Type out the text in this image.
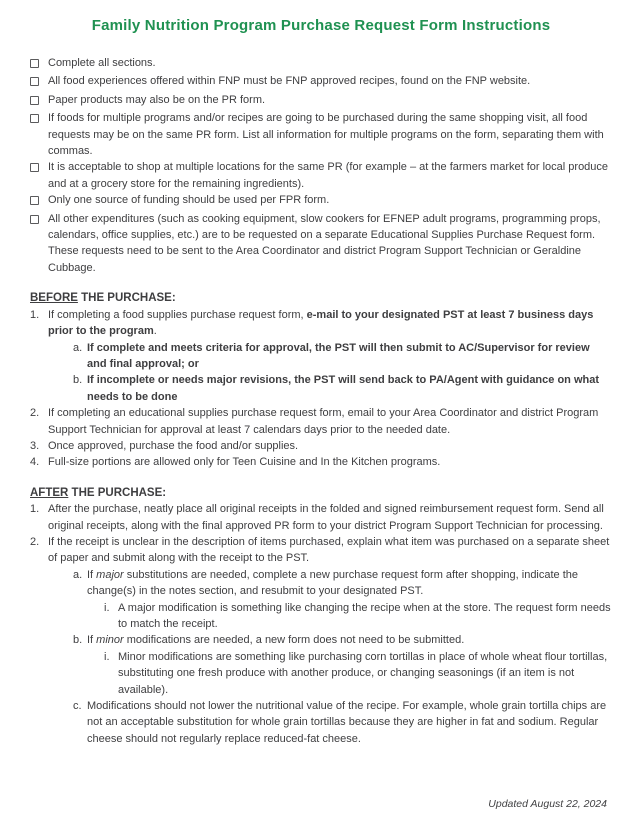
Family Nutrition Program Purchase Request Form Instructions
Complete all sections.
All food experiences offered within FNP must be FNP approved recipes, found on the FNP website.
Paper products may also be on the PR form.
If foods for multiple programs and/or recipes are going to be purchased during the same shopping visit, all food requests may be on the same PR form. List all information for multiple programs on the form, separating them with commas.
It is acceptable to shop at multiple locations for the same PR (for example – at the farmers market for local produce and at a grocery store for the remaining ingredients).
Only one source of funding should be used per FPR form.
All other expenditures (such as cooking equipment, slow cookers for EFNEP adult programs, programming props, calendars, office supplies, etc.) are to be requested on a separate Educational Supplies Purchase Request form. These requests need to be sent to the Area Coordinator and district Program Support Technician or Geraldine Cubbage.
BEFORE THE PURCHASE:
1. If completing a food supplies purchase request form, e-mail to your designated PST at least 7 business days prior to the program.
a. If complete and meets criteria for approval, the PST will then submit to AC/Supervisor for review and final approval; or
b. If incomplete or needs major revisions, the PST will send back to PA/Agent with guidance on what needs to be done
2. If completing an educational supplies purchase request form, email to your Area Coordinator and district Program Support Technician for approval at least 7 calendars days prior to the needed date.
3. Once approved, purchase the food and/or supplies.
4. Full-size portions are allowed only for Teen Cuisine and In the Kitchen programs.
AFTER THE PURCHASE:
1. After the purchase, neatly place all original receipts in the folded and signed reimbursement request form. Send all original receipts, along with the final approved PR form to your district Program Support Technician for processing.
2. If the receipt is unclear in the description of items purchased, explain what item was purchased on a separate sheet of paper and submit along with the receipt to the PST.
a. If major substitutions are needed, complete a new purchase request form after shopping, indicate the change(s) in the notes section, and resubmit to your designated PST.
i. A major modification is something like changing the recipe when at the store. The request form needs to match the receipt.
b. If minor modifications are needed, a new form does not need to be submitted.
i. Minor modifications are something like purchasing corn tortillas in place of whole wheat flour tortillas, substituting one fresh produce with another produce, or changing seasonings (if an item is not available).
c. Modifications should not lower the nutritional value of the recipe. For example, whole grain tortilla chips are not an acceptable substitution for whole grain tortillas because they are higher in fat and sodium. Regular cheese should not regularly replace reduced-fat cheese.
Updated August 22, 2024
